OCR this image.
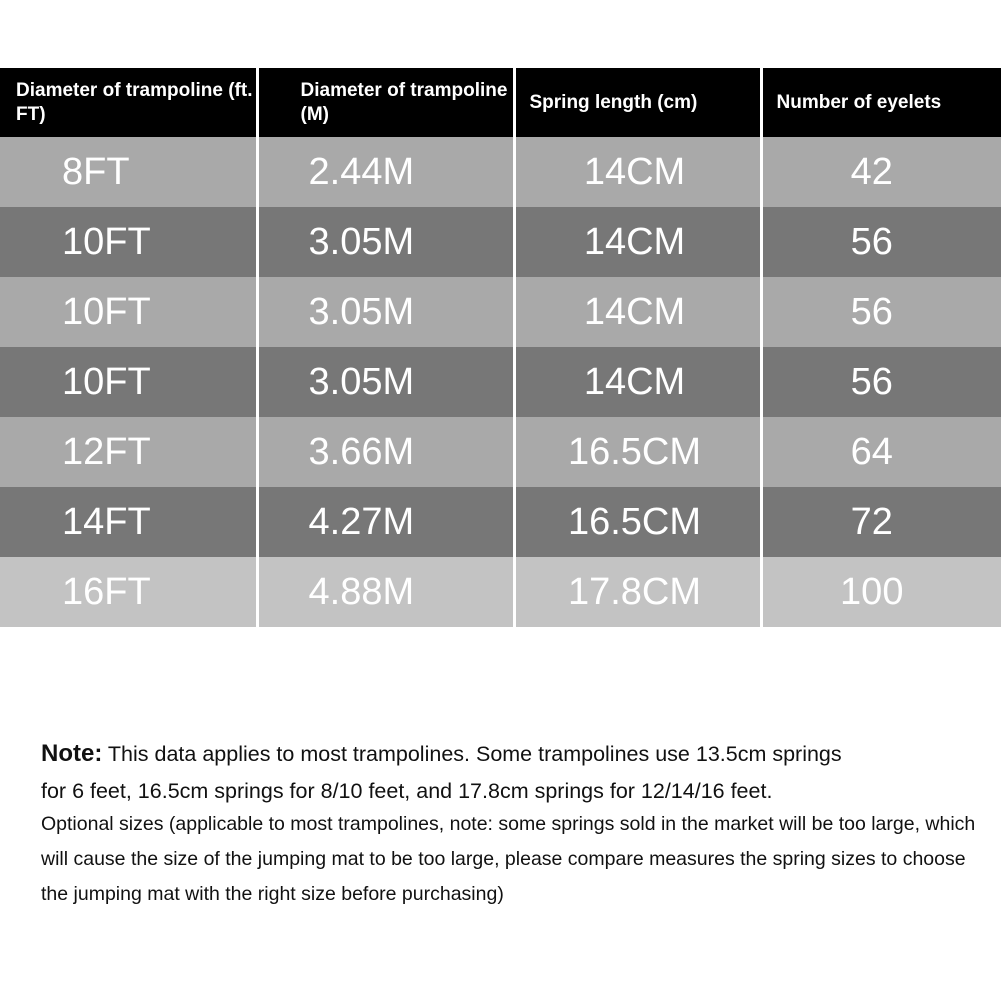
Diameter of trampoline (ft. FT)	Diameter of trampoline (M)	Spring length (cm)	Number of eyelets
8FT	2.44M	14CM	42
10FT	3.05M	14CM	56
10FT	3.05M	14CM	56
10FT	3.05M	14CM	56
12FT	3.66M	16.5CM	64
14FT	4.27M	16.5CM	72
16FT	4.88M	17.8CM	100
Note: This data applies to most trampolines. Some trampolines use 13.5cm springs
for 6 feet, 16.5cm springs for 8/10 feet, and 17.8cm springs for 12/14/16 feet.
Optional sizes (applicable to most trampolines, note: some springs sold in the market will be too large, which will cause the size of the jumping mat to be too large, please compare measures the spring sizes to choose the jumping mat with the right size before purchasing)
